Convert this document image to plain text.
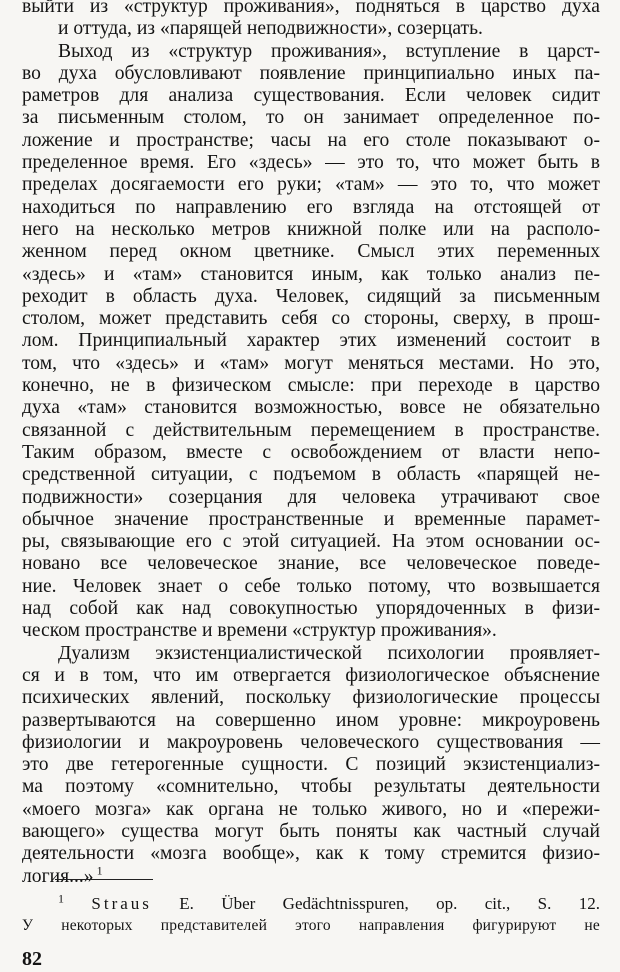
выйти из «структур проживания», подняться в царство духа
и оттуда, из «парящей неподвижности», созерцать.
Выход из «структур проживания», вступление в царст-
во духа обусловливают появление принципиально иных па-
раметров для анализа существования. Если человек сидит
за письменным столом, то он занимает определенное по-
ложение и пространстве; часы на его столе показывают о-
пределенное время. Его «здесь» — это то, что может быть в
пределах досягаемости его руки; «там» — это то, что может
находиться по направлению его взгляда на отстоящей от
него на несколько метров книжной полке или на располо-
женном перед окном цветнике. Смысл этих переменных
«здесь» и «там» становится иным, как только анализ пе-
реходит в область духа. Человек, сидящий за письменным
столом, может представить себя со стороны, сверху, в прош-
лом. Принципиальный характер этих изменений состоит в
том, что «здесь» и «там» могут меняться местами. Но это,
конечно, не в физическом смысле: при переходе в царство
духа «там» становится возможностью, вовсе не обязательно
связанной с действительным перемещением в пространстве.
Таким образом, вместе с освобождением от власти непо-
средственной ситуации, с подъемом в область «парящей не-
подвижности» созерцания для человека утрачивают свое
обычное значение пространственные и временные парамет-
ры, связывающие его с этой ситуацией. На этом основании ос-
новано все человеческое знание, все человеческое поведе-
ние. Человек знает о себе только потому, что возвышается
над собой как над совокупностью упорядоченных в физи-
ческом пространстве и времени «структур проживания».
Дуализм экзистенциалистической психологии проявляет-
ся и в том, что им отвергается физиологическое объяснение
психических явлений, поскольку физиологические процессы
развертываются на совершенно ином уровне: микроуровень
физиологии и макроуровень человеческого существования —
это две гетерогенные сущности. С позиций экзистенциализ-
ма поэтому «сомнительно, чтобы результаты деятельности
«моего мозга» как органа не только живого, но и «пережи-
вающего» существа могут быть поняты как частный случай
деятельности «мозга вообще», как к тому стремится физио-
логия...» $^1$
$^1$ Straus E. Über Gedächtnisspuren, op. cit., S. 12.
У некоторых представителей этого направления фигурируют не
82
